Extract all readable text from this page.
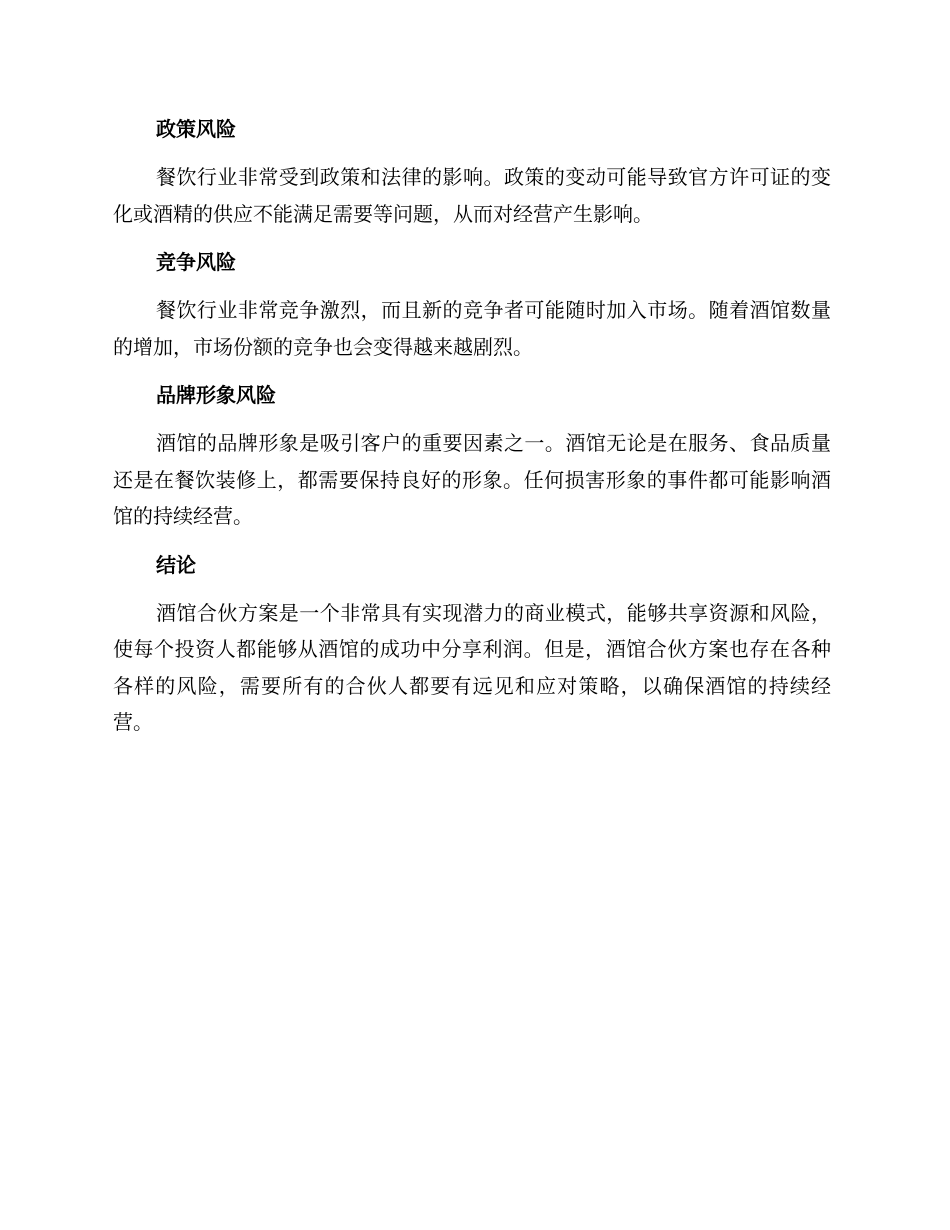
政策风险

餐饮行业非常受到政策和法律的影响。政策的变动可能导致官方许可证的变化或酒精的供应不能满足需要等问题，从而对经营产生影响。

竞争风险

餐饮行业非常竞争激烈，而且新的竞争者可能随时加入市场。随着酒馆数量的增加，市场份额的竞争也会变得越来越剧烈。

品牌形象风险

酒馆的品牌形象是吸引客户的重要因素之一。酒馆无论是在服务、食品质量还是在餐饮装修上，都需要保持良好的形象。任何损害形象的事件都可能影响酒馆的持续经营。

结论

酒馆合伙方案是一个非常具有实现潜力的商业模式，能够共享资源和风险，使每个投资人都能够从酒馆的成功中分享利润。但是，酒馆合伙方案也存在各种各样的风险，需要所有的合伙人都要有远见和应对策略，以确保酒馆的持续经营。
